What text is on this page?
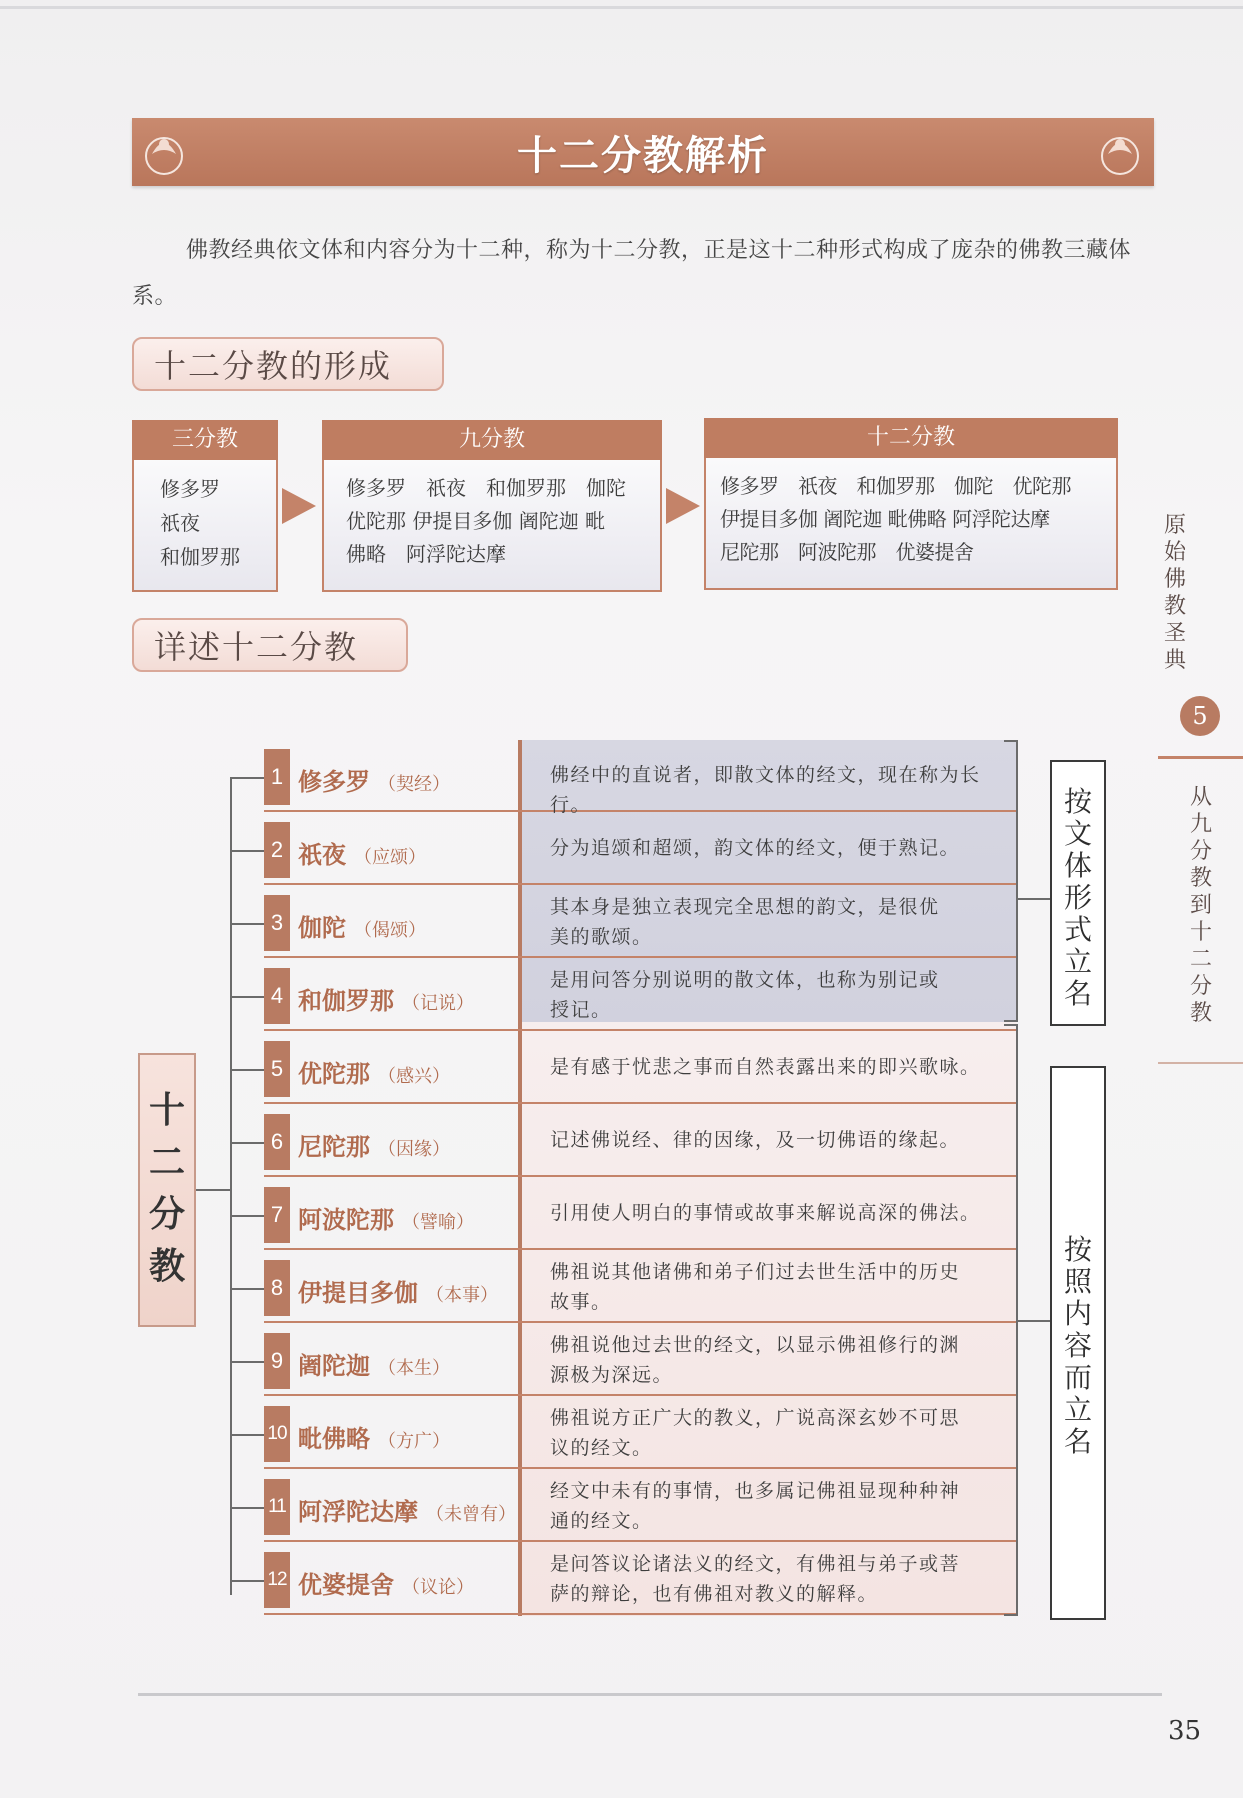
十二分教解析
佛教经典依文体和内容分为十二种，称为十二分教，正是这十二种形式构成了庞杂的佛教三藏体系。
十二分教的形成
三分教
修多罗
祇夜
和伽罗那
九分教
修多罗　祇夜　和伽罗那　伽陀
优陀那 伊提目多伽 阇陀迦 毗
佛略　阿浮陀达摩
十二分教
修多罗　祇夜　和伽罗那　伽陀　优陀那
伊提目多伽 阇陀迦 毗佛略 阿浮陀达摩
尼陀那　阿波陀那　优婆提舍
详述十二分教
十
二
分
教
1 修多罗 （契经）	佛经中的直说者，即散文体的经文，现在称为长行。
2 祇夜 （应颂）	分为追颂和超颂，韵文体的经文，便于熟记。
3 伽陀 （偈颂）
其本身是独立表现完全思想的韵文，是很优
美的歌颂。
4 和伽罗那 （记说）
是用问答分别说明的散文体，也称为别记或
授记。
5 优陀那 （感兴）	是有感于忧悲之事而自然表露出来的即兴歌咏。
6 尼陀那 （因缘）	记述佛说经、律的因缘，及一切佛语的缘起。
7 阿波陀那 （譬喻）	引用使人明白的事情或故事来解说高深的佛法。
8 伊提目多伽 （本事）
佛祖说其他诸佛和弟子们过去世生活中的历史
故事。
9 阇陀迦 （本生）
佛祖说他过去世的经文，以显示佛祖修行的渊
源极为深远。
10 毗佛略 （方广）
佛祖说方正广大的教义，广说高深玄妙不可思
议的经文。
11 阿浮陀达摩 （未曾有）
经文中未有的事情，也多属记佛祖显现种种神
通的经文。
12 优婆提舍 （议论）
是问答议论诸法义的经文，有佛祖与弟子或菩
萨的辩论，也有佛祖对教义的解释。
按
文
体
形
式
立
名
按
照
内
容
而
立
名
原
始
佛
教
圣
典
5
从
九
分
教
到
十
二
分
教
35
